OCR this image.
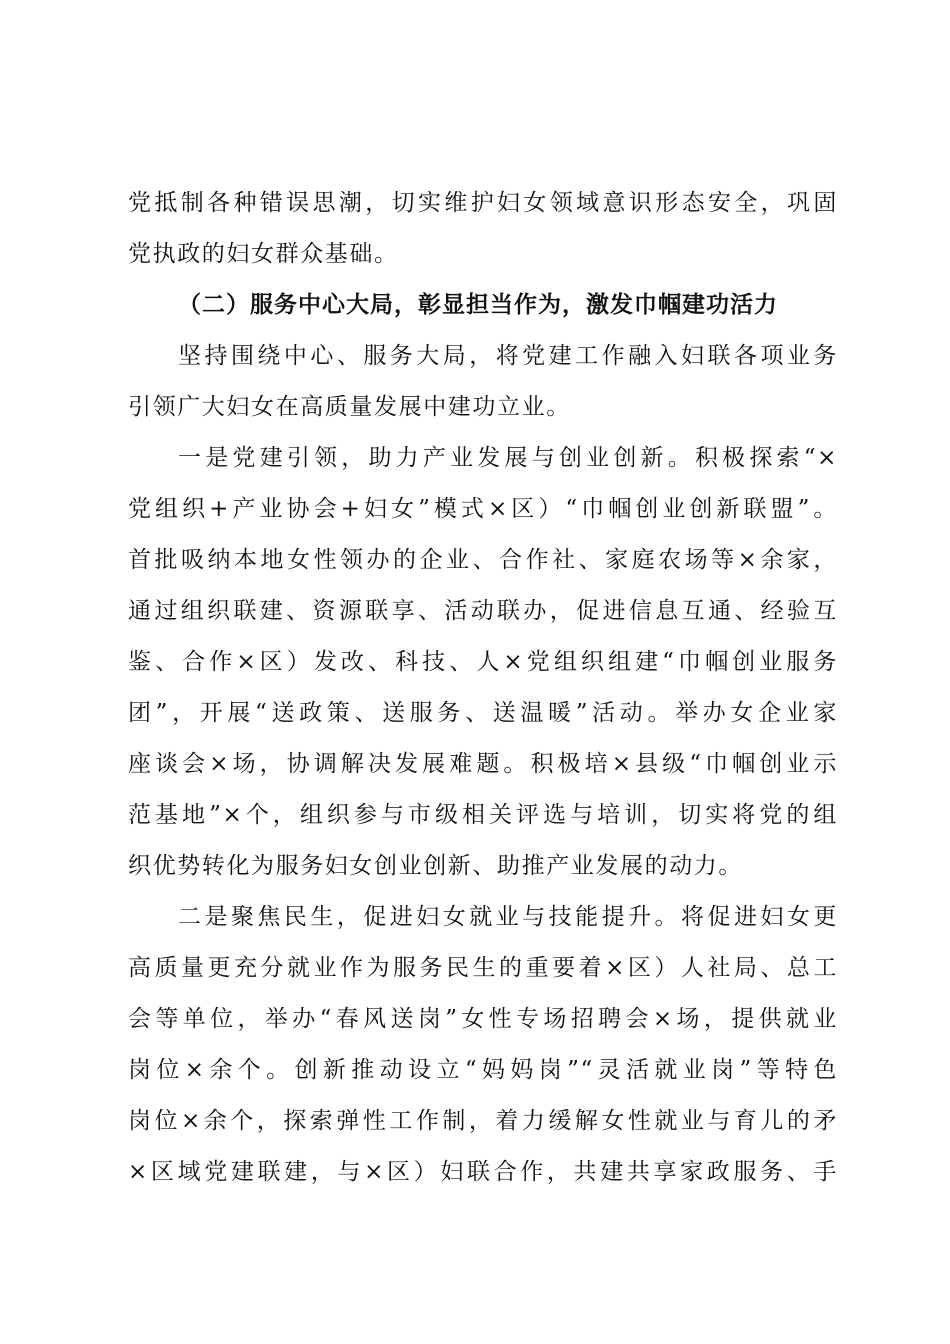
党抵制各种错误思潮，切实维护妇女领域意识形态安全，巩固
党执政的妇女群众基础。
（二）服务中心大局，彰显担当作为，激发巾帼建功活力
坚持围绕中心、服务大局，将党建工作融入妇联各项业务
引领广大妇女在高质量发展中建功立业。
一是党建引领，助力产业发展与创业创新。积极探索“×
党组织+产业协会+妇女”模式×区）“巾帼创业创新联盟”。
首批吸纳本地女性领办的企业、合作社、家庭农场等×余家，
通过组织联建、资源联享、活动联办，促进信息互通、经验互
鉴、合作×区）发改、科技、人×党组织组建“巾帼创业服务
团”，开展“送政策、送服务、送温暖”活动。举办女企业家
座谈会×场，协调解决发展难题。积极培×县级“巾帼创业示
范基地”×个，组织参与市级相关评选与培训，切实将党的组
织优势转化为服务妇女创业创新、助推产业发展的动力。
二是聚焦民生，促进妇女就业与技能提升。将促进妇女更
高质量更充分就业作为服务民生的重要着×区）人社局、总工
会等单位，举办“春风送岗”女性专场招聘会×场，提供就业
岗位×余个。创新推动设立“妈妈岗”“灵活就业岗”等特色
岗位×余个，探索弹性工作制，着力缓解女性就业与育儿的矛
×区域党建联建，与×区）妇联合作，共建共享家政服务、手
